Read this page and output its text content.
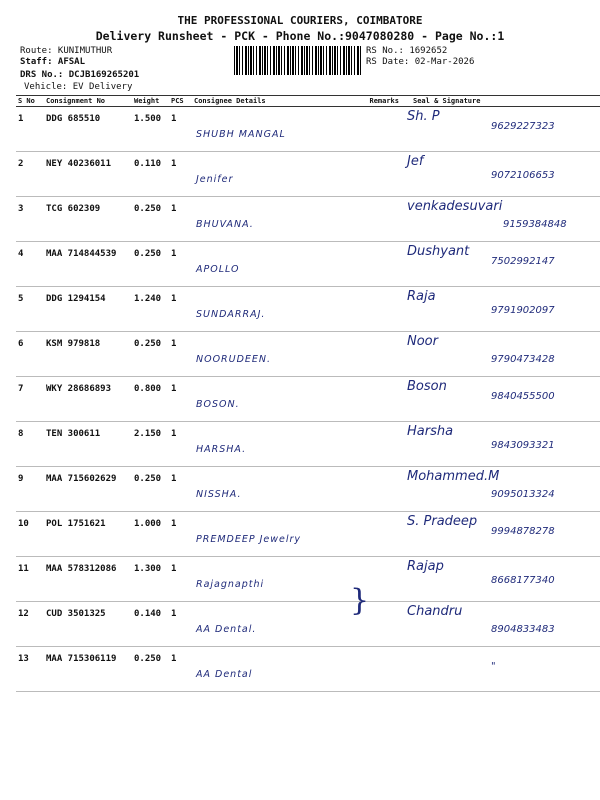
THE PROFESSIONAL COURIERS, COIMBATORE
Delivery Runsheet - PCK - Phone No.:9047080280 - Page No.:1
Route: KUNIMUTHUR
Staff: AFSAL
DRS No.: DCJB169265201
Vehicle: EV Delivery
RS No.: 1692652
RS Date: 02-Mar-2026
S No	Consignment No	Weight	PCS	Consignee Details	Remarks	Seal & Signature
1	DDG 685510	1.500	1	SHUBH MANGAL		Sh. P
9629227323

2	NEY 40236011	0.110	1	Jenifer		Jef
9072106653

3	TCG 602309	0.250	1	BHUVANA.		venkadesuvari
9159384848

4	MAA 714844539	0.250	1	APOLLO		Dushyant
7502992147

5	DDG 1294154	1.240	1	SUNDARRAJ.		Raja
9791902097

6	KSM 979818	0.250	1	NOORUDEEN.		Noor
9790473428

7	WKY 28686893	0.800	1	BOSON.		Boson
9840455500

8	TEN 300611	2.150	1	HARSHA.		Harsha
9843093321

9	MAA 715602629	0.250	1	NISSHA.		Mohammed.M
9095013324

10	POL 1751621	1.000	1	PREMDEEP Jewelry		S. Pradeep
9994878278

11	MAA 578312086	1.300	1	Rajagnapthi		Rajap
8668177340

12	CUD 3501325	0.140	1	AA Dental.		Chandru
8904833483

13	MAA 715306119	0.250	1	AA Dental		"
}
